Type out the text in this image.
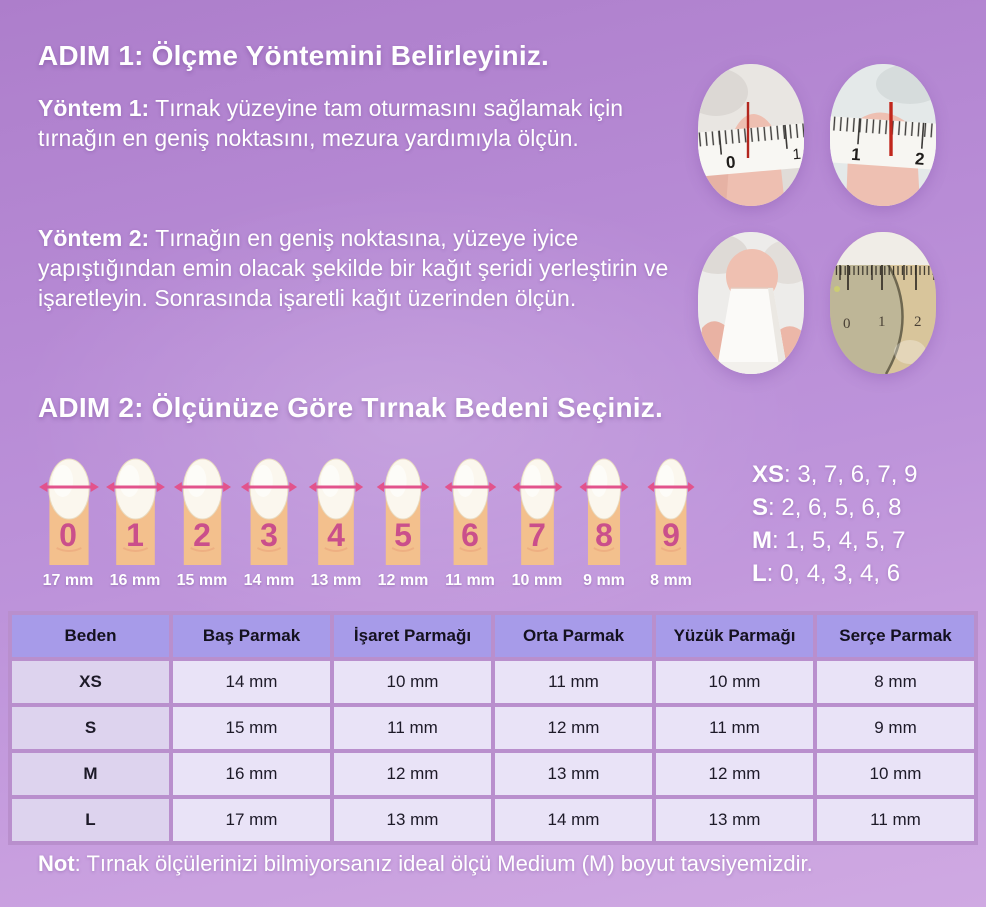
ADIM 1: Ölçme Yöntemini Belirleyiniz.

Yöntem 1: Tırnak yüzeyine tam oturmasını sağlamak için tırnağın en geniş noktasını, mezura yardımıyla ölçün.

Yöntem 2: Tırnağın en geniş noktasına, yüzeye iyice yapıştığından emin olacak şekilde bir kağıt şeridi yerleştirin ve işaretleyin. Sonrasında işaretli kağıt üzerinden ölçün.

0	1	1	2
0 1 2
ADIM 2: Ölçünüze Göre Tırnak Bedeni Seçiniz.
0
17 mm
1
16 mm
2
15 mm
3
14 mm
4
13 mm
5
12 mm
6
11 mm
7
10 mm
8
9 mm
9
8 mm
XS: 3, 7, 6, 7, 9
S: 2, 6, 5, 6, 8
M: 1, 5, 4, 5, 7
L: 0, 4, 3, 4, 6
Beden	Baş Parmak	İşaret Parmağı	Orta Parmak	Yüzük Parmağı	Serçe Parmak
XS	14 mm	10 mm	11 mm	10 mm	8 mm
S	15 mm	11 mm	12 mm	11 mm	9 mm
M	16 mm	12 mm	13 mm	12 mm	10 mm
L	17 mm	13 mm	14 mm	13 mm	11 mm

Not: Tırnak ölçülerinizi bilmiyorsanız ideal ölçü Medium (M) boyut tavsiyemizdir.
